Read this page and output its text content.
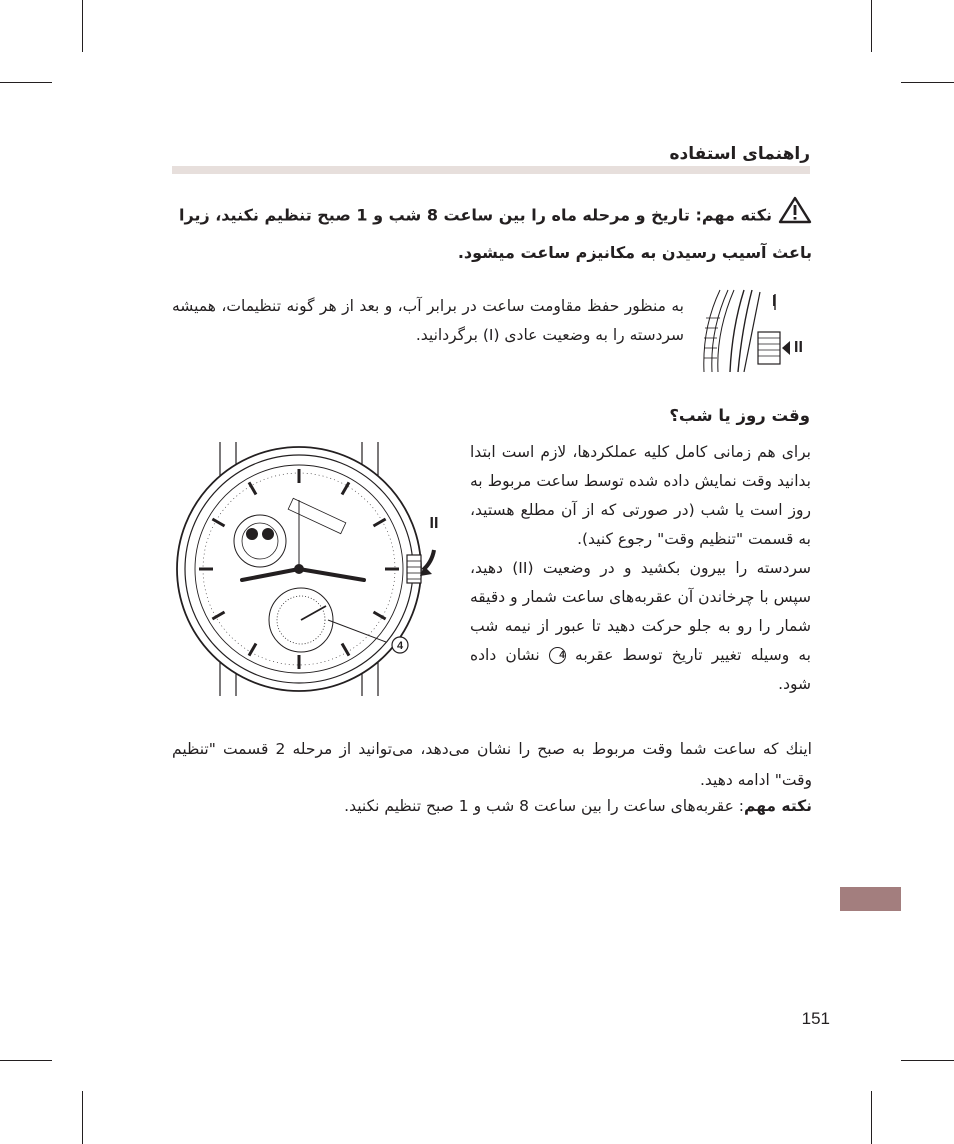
راهنمای استفاده
نکته مهم: تاریخ و مرحله ماه را بین ساعت 8 شب و 1 صبح تنظیم نکنید، زیرا باعث آسیب رسیدن به مکانیزم ساعت میشود.
I
II
به منظور حفظ مقاومت ساعت در برابر آب، و بعد از هر گونه تنظیمات، همیشه سردسته را به وضعیت عادی (I) برگردانید.
وقت روز یا شب؟
برای هم زمانی کامل کلیه عملکردها، لازم است ابتدا بدانید وقت نمایش داده شده توسط ساعت مربوط به روز است یا شب (در صورتی که از آن مطلع هستید، به قسمت "تنظیم وقت" رجوع کنید).
سردسته را بیرون بکشید و در وضعیت (II) دهید، سپس با چرخاندن آن عقربه‌های ساعت شمار و دقیقه شمار را رو به جلو حرکت دهید تا عبور از نیمه شب به وسیله تغییر تاریخ توسط عقربه 4 نشان داده شود.
4
II
اینك که ساعت شما وقت مربوط به صبح را نشان می‌دهد، می‌توانید از مرحله 2 قسمت "تنظیم وقت" ادامه دهید.
نکته مهم: عقربه‌های ساعت را بین ساعت 8 شب و 1 صبح تنظیم نکنید.
151
